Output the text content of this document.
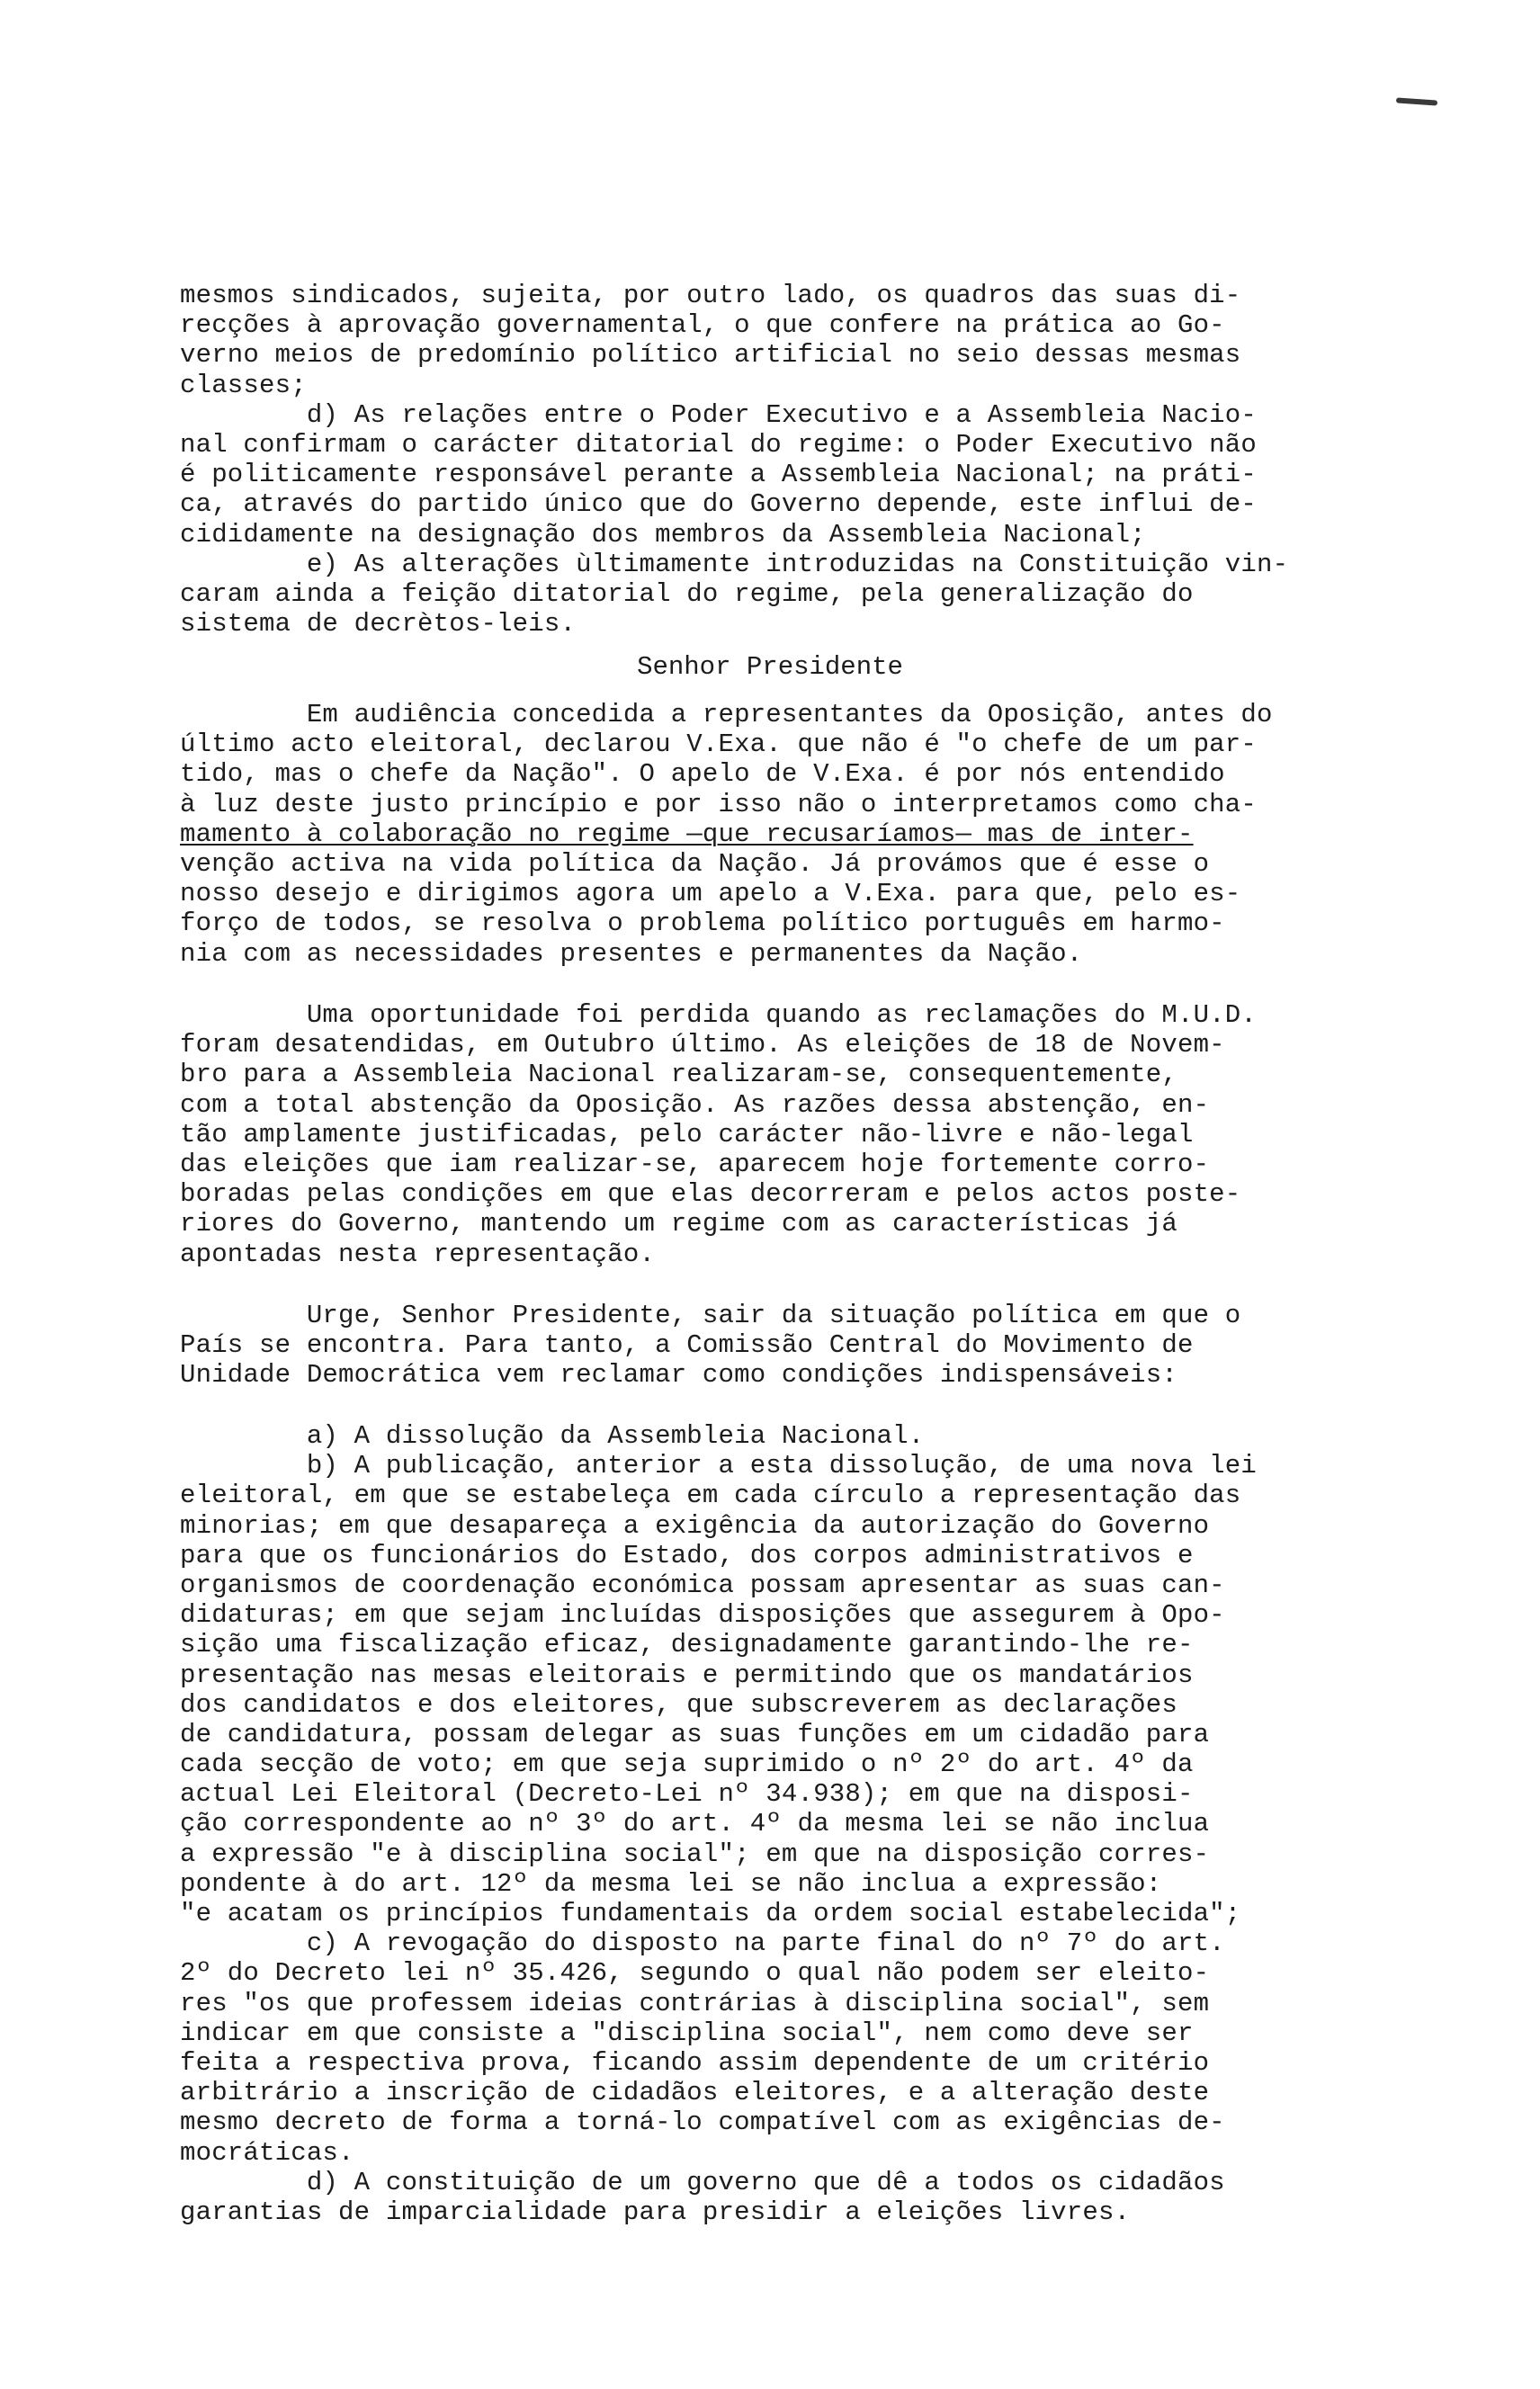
mesmos sindicados, sujeita, por outro lado, os quadros das suas di-
recções à aprovação governamental, o que confere na prática ao Go-
verno meios de predomínio político artificial no seio dessas mesmas
classes;
d) As relações entre o Poder Executivo e a Assembleia Nacio-
nal confirmam o carácter ditatorial do regime: o Poder Executivo não
é politicamente responsável perante a Assembleia Nacional; na práti-
ca, através do partido único que do Governo depende, este influi de-
cididamente na designação dos membros da Assembleia Nacional;
e) As alterações ùltimamente introduzidas na Constituição vin-
caram ainda a feição ditatorial do regime, pela generalização do
sistema de decrètos-leis.
Senhor Presidente
Em audiência concedida a representantes da Oposição, antes do
último acto eleitoral, declarou V.Exa. que não é "o chefe de um par-
tido, mas o chefe da Nação". O apelo de V.Exa. é por nós entendido
à luz deste justo princípio e por isso não o interpretamos como cha-
mamento à colaboração no regime —que recusaríamos— mas de inter-
venção activa na vida política da Nação. Já provámos que é esse o
nosso desejo e dirigimos agora um apelo a V.Exa. para que, pelo es-
forço de todos, se resolva o problema político português em harmo-
nia com as necessidades presentes e permanentes da Nação.
Uma oportunidade foi perdida quando as reclamações do M.U.D.
foram desatendidas, em Outubro último. As eleições de 18 de Novem-
bro para a Assembleia Nacional realizaram-se, consequentemente,
com a total abstenção da Oposição. As razões dessa abstenção, en-
tão amplamente justificadas, pelo carácter não-livre e não-legal
das eleições que iam realizar-se, aparecem hoje fortemente corro-
boradas pelas condições em que elas decorreram e pelos actos poste-
riores do Governo, mantendo um regime com as características já
apontadas nesta representação.
Urge, Senhor Presidente, sair da situação política em que o
País se encontra. Para tanto, a Comissão Central do Movimento de
Unidade Democrática vem reclamar como condições indispensáveis:
a) A dissolução da Assembleia Nacional.
b) A publicação, anterior a esta dissolução, de uma nova lei
eleitoral, em que se estabeleça em cada círculo a representação das
minorias; em que desapareça a exigência da autorização do Governo
para que os funcionários do Estado, dos corpos administrativos e
organismos de coordenação económica possam apresentar as suas can-
didaturas; em que sejam incluídas disposições que assegurem à Opo-
sição uma fiscalização eficaz, designadamente garantindo-lhe re-
presentação nas mesas eleitorais e permitindo que os mandatários
dos candidatos e dos eleitores, que subscreverem as declarações
de candidatura, possam delegar as suas funções em um cidadão para
cada secção de voto; em que seja suprimido o nº 2º do art. 4º da
actual Lei Eleitoral (Decreto-Lei nº 34.938); em que na disposi-
ção correspondente ao nº 3º do art. 4º da mesma lei se não inclua
a expressão "e à disciplina social"; em que na disposição corres-
pondente à do art. 12º da mesma lei se não inclua a expressão:
"e acatam os princípios fundamentais da ordem social estabelecida";
c) A revogação do disposto na parte final do nº 7º do art.
2º do Decreto lei nº 35.426, segundo o qual não podem ser eleito-
res "os que professem ideias contrárias à disciplina social", sem
indicar em que consiste a "disciplina social", nem como deve ser
feita a respectiva prova, ficando assim dependente de um critério
arbitrário a inscrição de cidadãos eleitores, e a alteração deste
mesmo decreto de forma a torná-lo compatível com as exigências de-
mocráticas.
d) A constituição de um governo que dê a todos os cidadãos
garantias de imparcialidade para presidir a eleições livres.
